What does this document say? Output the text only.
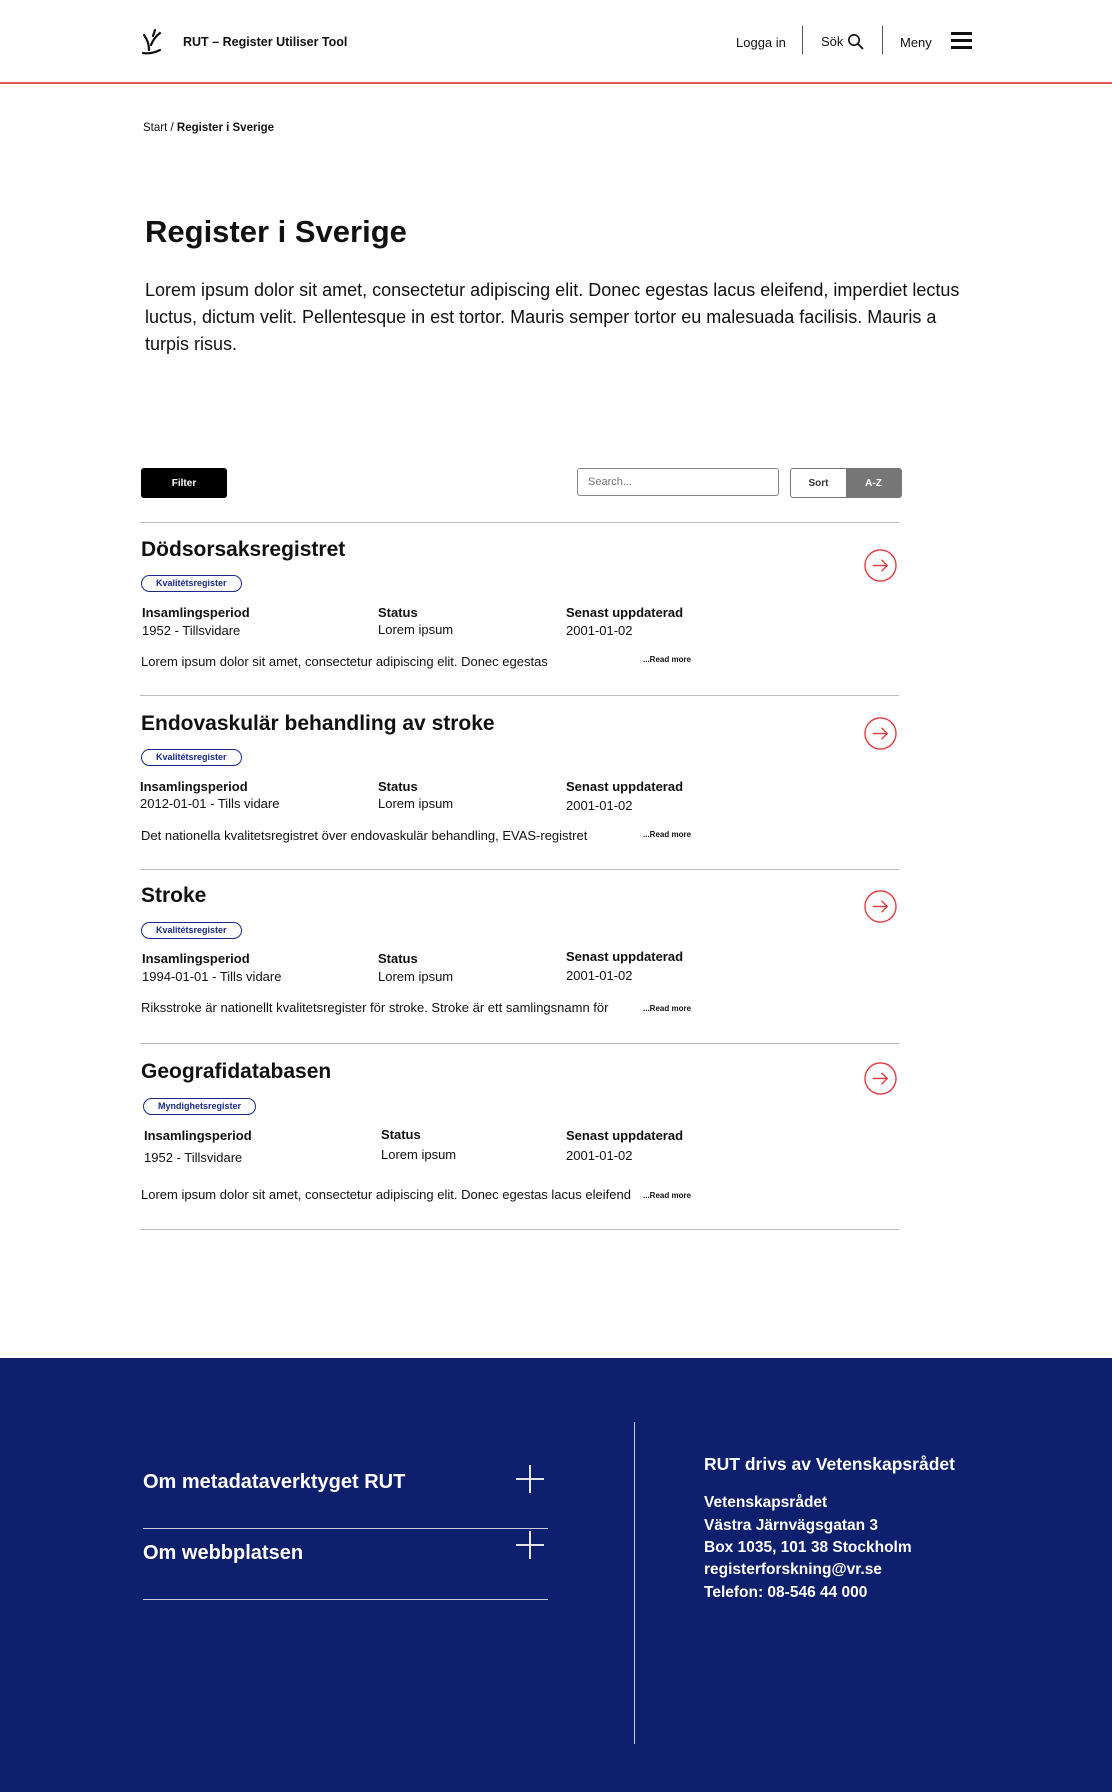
RUT – Register Utiliser Tool	Logga in	Sök	Meny
Start / Register i Sverige
Register i Sverige

Lorem ipsum dolor sit amet, consectetur adipiscing elit. Donec egestas lacus eleifend, imperdiet lectus luctus, dictum velit. Pellentesque in est tortor. Mauris semper tortor eu malesuada facilisis. Mauris a turpis risus.

Filter
Search...	Sort	A-Z
Dödsorsaksregistret
Kvalitétsregister
Insamlingsperiod
1952 - Tillsvidare
Status
Lorem ipsum
Senast uppdaterad
2001-01-02
Lorem ipsum dolor sit amet, consectetur adipiscing elit. Donec egestas	...Read more
Endovaskulär behandling av stroke
Kvalitétsregister
Insamlingsperiod
2012-01-01 - Tills vidare
Status
Lorem ipsum
Senast uppdaterad
2001-01-02
Det nationella kvalitetsregistret över endovaskulär behandling, EVAS-registret	...Read more
Stroke
Kvalitétsregister
Insamlingsperiod
1994-01-01 - Tills vidare
Status
Lorem ipsum
Senast uppdaterad
2001-01-02
Riksstroke är nationellt kvalitetsregister för stroke. Stroke är ett samlingsnamn för	...Read more
Geografidatabasen
Myndighetsregister
Insamlingsperiod
1952 - Tillsvidare
Status
Lorem ipsum
Senast uppdaterad
2001-01-02
Lorem ipsum dolor sit amet, consectetur adipiscing elit. Donec egestas lacus eleifend ...Read more
Om metadataverktyget RUT
Om webbplatsen
RUT drivs av Vetenskapsrådet
Vetenskapsrådet
Västra Järnvägsgatan 3
Box 1035, 101 38 Stockholm
registerforskning@vr.se
Telefon: 08-546 44 000
